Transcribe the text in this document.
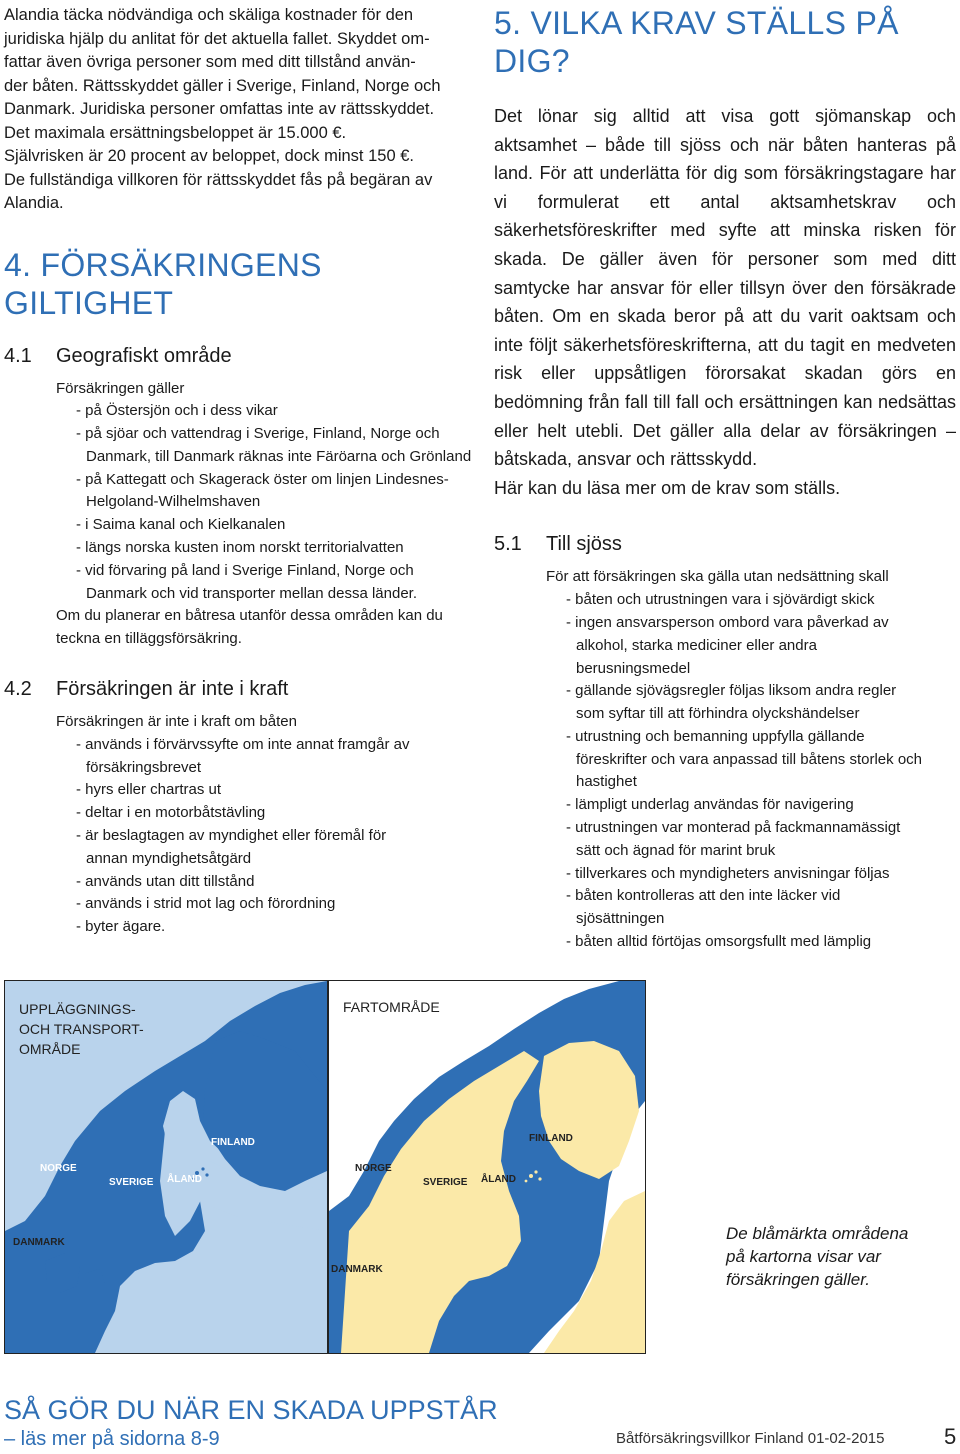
Alandia täcka nödvändiga och skäliga kostnader för den

juridiska hjälp du anlitat för det aktuella fallet. Skyddet om-

fattar även övriga personer som med ditt tillstånd använ-

der båten. Rättsskyddet gäller i Sverige, Finland, Norge och

Danmark. Juridiska personer omfattas inte av rättsskyddet.

Det maximala ersättningsbeloppet är 15.000 €.

Självrisken är 20 procent av beloppet, dock minst 150 €.

De fullständiga villkoren för rättsskyddet fås på begäran av

Alandia.

4. FÖRSÄKRINGENS GILTIGHET
4.1 Geografiskt område

Försäkringen gäller

- på Östersjön och i dess vikar
- på sjöar och vattendrag i Sverige, Finland, Norge och Danmark, till Danmark räknas inte Färöarna och Grönland
- på Kattegatt och Skagerack öster om linjen Lindesnes-Helgoland-Wilhelmshaven
- i Saima kanal och Kielkanalen
- längs norska kusten inom norskt territorialvatten
- vid förvaring på land i Sverige Finland, Norge och Danmark och vid transporter mellan dessa länder.

Om du planerar en båtresa utanför dessa områden kan du teckna en tilläggsförsäkring.

4.2 Försäkringen är inte i kraft

Försäkringen är inte i kraft om båten

- används i förvärvssyfte om inte annat framgår av försäkringsbrevet
- hyrs eller chartras ut
- deltar i en motorbåtstävling
- är beslagtagen av myndighet eller föremål för annan myndighetsåtgärd
- används utan ditt tillstånd
- används i strid mot lag och förordning
- byter ägare.
5. VILKA KRAV STÄLLS PÅ DIG?

Det lönar sig alltid att visa gott sjömanskap och aktsamhet – både till sjöss och när båten hanteras på land. För att underlätta för dig som försäkringstagare har vi formulerat ett antal aktsamhetskrav och säkerhetsföreskrifter med syfte att minska risken för skada. De gäller även för personer som med ditt samtycke har ansvar för eller tillsyn över den försäkrade båten. Om en skada beror på att du varit oaktsam och inte följt säkerhetsföreskrifterna, att du tagit en medveten risk eller uppsåtligen förorsakat skadan görs en bedömning från fall till fall och ersättningen kan nedsättas eller helt utebli. Det gäller alla delar av försäkringen – båtskada, ansvar och rättsskydd.

Här kan du läsa mer om de krav som ställs.

5.1 Till sjöss

För att försäkringen ska gälla utan nedsättning skall

- båten och utrustningen vara i sjövärdigt skick
- ingen ansvarsperson ombord vara påverkad av alkohol, starka mediciner eller andra berusningsmedel
- gällande sjövägsregler följas liksom andra regler som syftar till att förhindra olyckshändelser
- utrustning och bemanning uppfylla gällande föreskrifter och vara anpassad till båtens storlek och hastighet
- lämpligt underlag användas för navigering
- utrustningen var monterad på fackmannamässigt sätt och ägnad för marint bruk
- tillverkares och myndigheters anvisningar följas
- båten kontrolleras att den inte läcker vid sjösättningen
- båten alltid förtöjas omsorgsfullt med lämplig
UPPLÄGGNINGS-
OCH TRANSPORT-
OMRÅDE
NORGE
SVERIGE
FINLAND
ÅLAND
DANMARK
FARTOMRÅDE
NORGE
SVERIGE
FINLAND
ÅLAND
DANMARK
De blåmärkta områdena
på kartorna visar var
försäkringen gäller.
SÅ GÖR DU NÄR EN SKADA UPPSTÅR
– läs mer på sidorna 8-9	Båtförsäkringsvillkor Finland 01-02-2015	5
